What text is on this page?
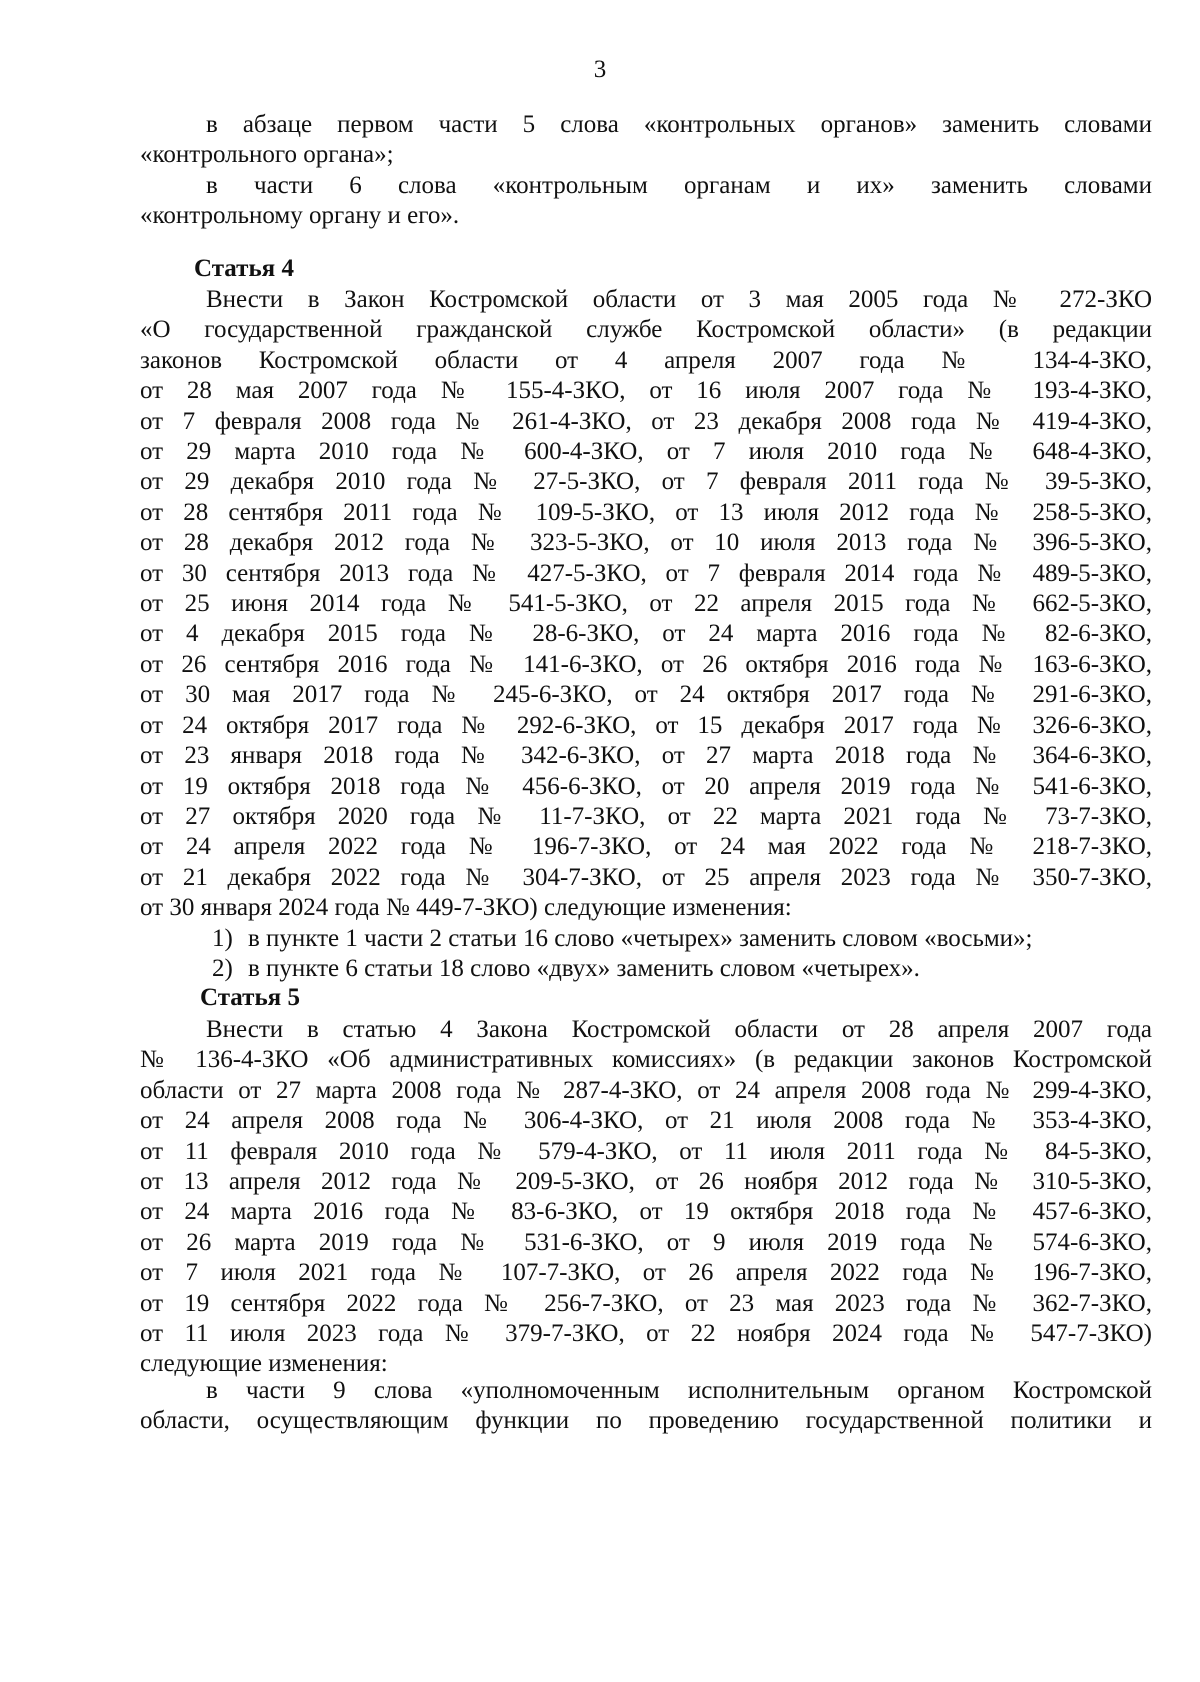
3
в абзаце первом части 5 слова «контрольных органов» заменить словами
«контрольного органа»;
в части 6 слова «контрольным органам и их» заменить словами
«контрольному органу и его».
Статья 4
Внести в Закон Костромской области от 3 мая 2005 года № 272-ЗКО
«О государственной гражданской службе Костромской области» (в редакции
законов Костромской области от 4 апреля 2007 года № 134-4-ЗКО,
от 28 мая 2007 года № 155-4-ЗКО, от 16 июля 2007 года № 193-4-ЗКО,
от 7 февраля 2008 года № 261-4-ЗКО, от 23 декабря 2008 года № 419-4-ЗКО,
от 29 марта 2010 года № 600-4-ЗКО, от 7 июля 2010 года № 648-4-ЗКО,
от 29 декабря 2010 года № 27-5-ЗКО, от 7 февраля 2011 года № 39-5-ЗКО,
от 28 сентября 2011 года № 109-5-ЗКО, от 13 июля 2012 года № 258-5-ЗКО,
от 28 декабря 2012 года № 323-5-ЗКО, от 10 июля 2013 года № 396-5-ЗКО,
от 30 сентября 2013 года № 427-5-ЗКО, от 7 февраля 2014 года № 489-5-ЗКО,
от 25 июня 2014 года № 541-5-ЗКО, от 22 апреля 2015 года № 662-5-ЗКО,
от 4 декабря 2015 года № 28-6-ЗКО, от 24 марта 2016 года № 82-6-ЗКО,
от 26 сентября 2016 года № 141-6-ЗКО, от 26 октября 2016 года № 163-6-ЗКО,
от 30 мая 2017 года № 245-6-ЗКО, от 24 октября 2017 года № 291-6-ЗКО,
от 24 октября 2017 года № 292-6-ЗКО, от 15 декабря 2017 года № 326-6-ЗКО,
от 23 января 2018 года № 342-6-ЗКО, от 27 марта 2018 года № 364-6-ЗКО,
от 19 октября 2018 года № 456-6-ЗКО, от 20 апреля 2019 года № 541-6-ЗКО,
от 27 октября 2020 года № 11-7-ЗКО, от 22 марта 2021 года № 73-7-ЗКО,
от 24 апреля 2022 года № 196-7-ЗКО, от 24 мая 2022 года № 218-7-ЗКО,
от 21 декабря 2022 года № 304-7-ЗКО, от 25 апреля 2023 года № 350-7-ЗКО,
от 30 января 2024 года № 449-7-ЗКО) следующие изменения:
1) в пункте 1 части 2 статьи 16 слово «четырех» заменить словом «восьми»;
2) в пункте 6 статьи 18 слово «двух» заменить словом «четырех».
Статья 5
Внести в статью 4 Закона Костромской области от 28 апреля 2007 года
№ 136-4-ЗКО «Об административных комиссиях» (в редакции законов Костромской
области от 27 марта 2008 года № 287-4-ЗКО, от 24 апреля 2008 года № 299-4-ЗКО,
от 24 апреля 2008 года № 306-4-ЗКО, от 21 июля 2008 года № 353-4-ЗКО,
от 11 февраля 2010 года № 579-4-ЗКО, от 11 июля 2011 года № 84-5-ЗКО,
от 13 апреля 2012 года № 209-5-ЗКО, от 26 ноября 2012 года № 310-5-ЗКО,
от 24 марта 2016 года № 83-6-ЗКО, от 19 октября 2018 года № 457-6-ЗКО,
от 26 марта 2019 года № 531-6-ЗКО, от 9 июля 2019 года № 574-6-ЗКО,
от 7 июля 2021 года № 107-7-ЗКО, от 26 апреля 2022 года № 196-7-ЗКО,
от 19 сентября 2022 года № 256-7-ЗКО, от 23 мая 2023 года № 362-7-ЗКО,
от 11 июля 2023 года № 379-7-ЗКО, от 22 ноября 2024 года № 547-7-ЗКО)
следующие изменения:
в части 9 слова «уполномоченным исполнительным органом Костромской
области, осуществляющим функции по проведению государственной политики и
